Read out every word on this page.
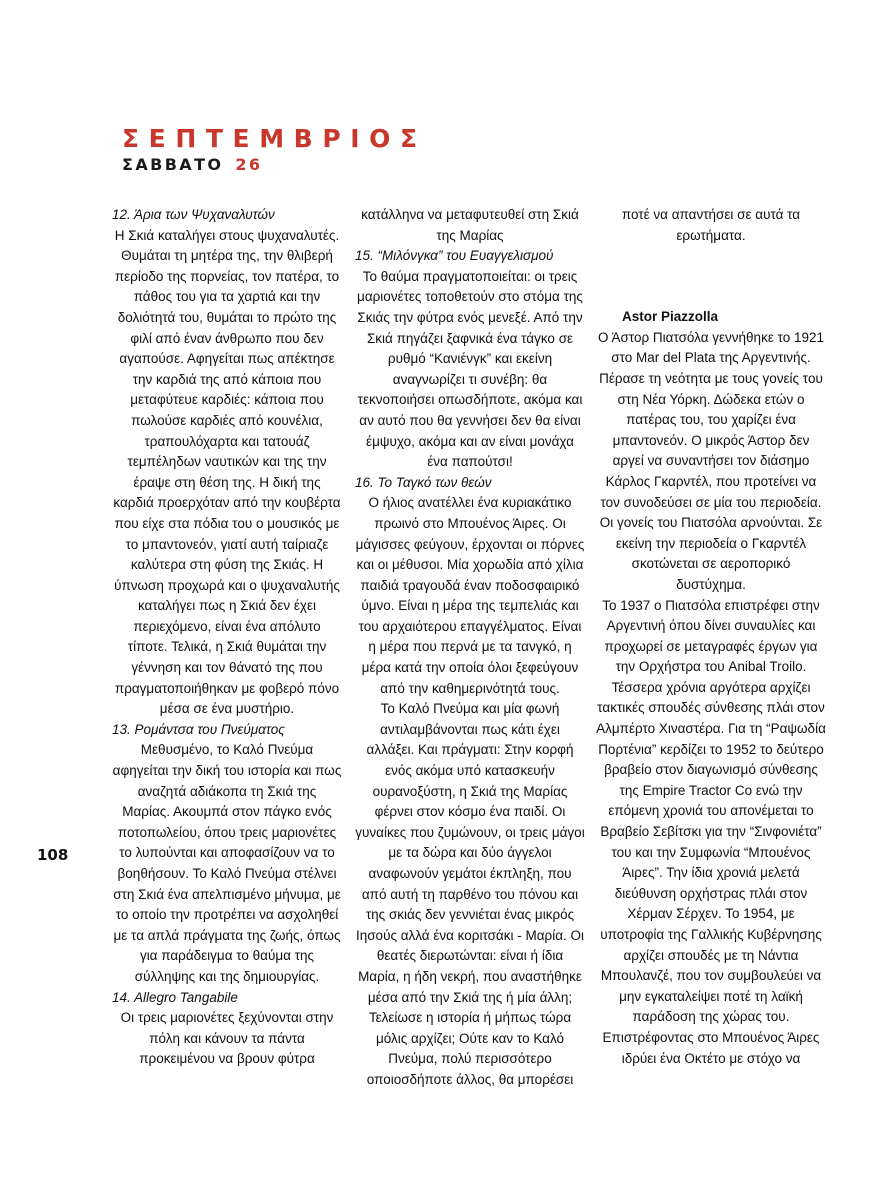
ΣΕΠΤΕΜΒΡΙΟΣ
ΣΑΒΒΑΤΟ 26

12. Άρια των Ψυχαναλυτών

Η Σκιά καταλήγει στους ψυχαναλυτές. Θυμάται τη μητέρα της, την θλιβερή περίοδο της πορνείας, τον πατέρα, το πάθος του για τα χαρτιά και την δολιότητά του, θυμάται το πρώτο της φιλί από έναν άνθρωπο που δεν αγαπούσε. Αφηγείται πως απέκτησε την καρδιά της από κάποια που μεταφύτευε καρδιές: κάποια που πωλούσε καρδιές από κουνέλια, τραπουλόχαρτα και τατουάζ τεμπέληδων ναυτικών και της την έραψε στη θέση της. Η δική της καρδιά προερχόταν από την κουβέρτα που είχε στα πόδια του ο μουσικός με το μπαντονεόν, γιατί αυτή ταίριαζε καλύτερα στη φύση της Σκιάς. Η ύπνωση προχωρά και ο ψυχαναλυτής καταλήγει πως η Σκιά δεν έχει περιεχόμενο, είναι ένα απόλυτο τίποτε. Τελικά, η Σκιά θυμάται την γέννηση και τον θάνατό της που πραγματοποιήθηκαν με φοβερό πόνο μέσα σε ένα μυστήριο.

13. Ρομάντσα του Πνεύματος

Μεθυσμένο, το Καλό Πνεύμα αφηγείται την δική του ιστορία και πως αναζητά αδιάκοπα τη Σκιά της Μαρίας. Ακουμπά στον πάγκο ενός ποτοπωλείου, όπου τρεις μαριονέτες το λυπούνται και αποφασίζουν να το βοηθήσουν. Το Καλό Πνεύμα στέλνει στη Σκιά ένα απελπισμένο μήνυμα, με το οποίο την προτρέπει να ασχοληθεί με τα απλά πράγματα της ζωής, όπως για παράδειγμα το θαύμα της σύλληψης και της δημιουργίας.

14. Allegro Tangabile

Οι τρεις μαριονέτες ξεχύνονται στην πόλη και κάνουν τα πάντα προκειμένου να βρουν φύτρα

κατάλληνα να μεταφυτευθεί στη Σκιά της Μαρίας

15. “Μιλόνγκα” του Ευαγγελισμού

Το θαύμα πραγματοποιείται: οι τρεις μαριονέτες τοποθετούν στο στόμα της Σκιάς την φύτρα ενός μενεξέ. Από την Σκιά πηγάζει ξαφνικά ένα τάγκο σε ρυθμό “Κανιένγκ” και εκείνη αναγνωρίζει τι συνέβη: θα τεκνοποιήσει οπωσδήποτε, ακόμα και αν αυτό που θα γεννήσει δεν θα είναι έμψυχο, ακόμα και αν είναι μονάχα ένα παπούτσι!

16. Το Ταγκό των θεών

Ο ήλιος ανατέλλει ένα κυριακάτικο πρωινό στο Μπουένος Άιρες. Οι μάγισσες φεύγουν, έρχονται οι πόρνες και οι μέθυσοι. Μία χορωδία από χίλια παιδιά τραγουδά έναν ποδοσφαιρικό ύμνο. Είναι η μέρα της τεμπελιάς και του αρχαιότερου επαγγέλματος. Είναι η μέρα που περνά με τα τανγκό, η μέρα κατά την οποία όλοι ξεφεύγουν από την καθημερινότητά τους.

Το Καλό Πνεύμα και μία φωνή αντιλαμβάνονται πως κάτι έχει αλλάξει. Και πράγματι: Στην κορφή ενός ακόμα υπό κατασκευήν ουρανοξύστη, η Σκιά της Μαρίας φέρνει στον κόσμο ένα παιδί. Οι γυναίκες που ζυμώνουν, οι τρεις μάγοι με τα δώρα και δύο άγγελοι αναφωνούν γεμάτοι έκπληξη, που από αυτή τη παρθένο του πόνου και της σκιάς δεν γεννιέται ένας μικρός Ιησούς αλλά ένα κοριτσάκι - Μαρία. Οι θεατές διερωτώνται: είναι ή ίδια Μαρία, η ήδη νεκρή, που αναστήθηκε μέσα από την Σκιά της ή μία άλλη; Τελείωσε η ιστορία ή μήπως τώρα μόλις αρχίζει; Ούτε καν το Καλό Πνεύμα, πολύ περισσότερο οποιοσδήποτε άλλος, θα μπορέσει

ποτέ να απαντήσει σε αυτά τα ερωτήματα.

Astor Piazzolla

Ο Άστορ Πιατσόλα γεννήθηκε το 1921 στο Mar del Plata της Αργεντινής. Πέρασε τη νεότητα με τους γονείς του στη Νέα Υόρκη. Δώδεκα ετών ο πατέρας του, του χαρίζει ένα μπαντονεόν. Ο μικρός Άστορ δεν αργεί να συναντήσει τον διάσημο Κάρλος Γκαρντέλ, που προτείνει να τον συνοδεύσει σε μία του περιοδεία. Οι γονείς του Πιατσόλα αρνούνται. Σε εκείνη την περιοδεία ο Γκαρντέλ σκοτώνεται σε αεροπορικό δυστύχημα.

Το 1937 ο Πιατσόλα επιστρέφει στην Αργεντινή όπου δίνει συναυλίες και προχωρεί σε μεταγραφές έργων για την Ορχήστρα του Anibal Troilo. Τέσσερα χρόνια αργότερα αρχίζει τακτικές σπουδές σύνθεσης πλάι στον Αλμπέρτο Χιναστέρα. Για τη “Ραψωδία Πορτένια” κερδίζει το 1952 το δεύτερο βραβείο στον διαγωνισμό σύνθεσης της Empire Tractor Co ενώ την επόμενη χρονιά του απονέμεται το Βραβείο Σεβίτσκι για την “Σινφονιέτα” του και την Συμφωνία “Μπουένος Άιρες”. Την ίδια χρονιά μελετά διεύθυνση ορχήστρας πλάι στον Χέρμαν Σέρχεν. Το 1954, με υποτροφία της Γαλλικής Κυβέρνησης αρχίζει σπουδές με τη Νάντια Μπουλανζέ, που τον συμβουλεύει να μην εγκαταλείψει ποτέ τη λαϊκή παράδοση της χώρας του. Επιστρέφοντας στο Μπουένος Άιρες ιδρύει ένα Οκτέτο με στόχο να

108
